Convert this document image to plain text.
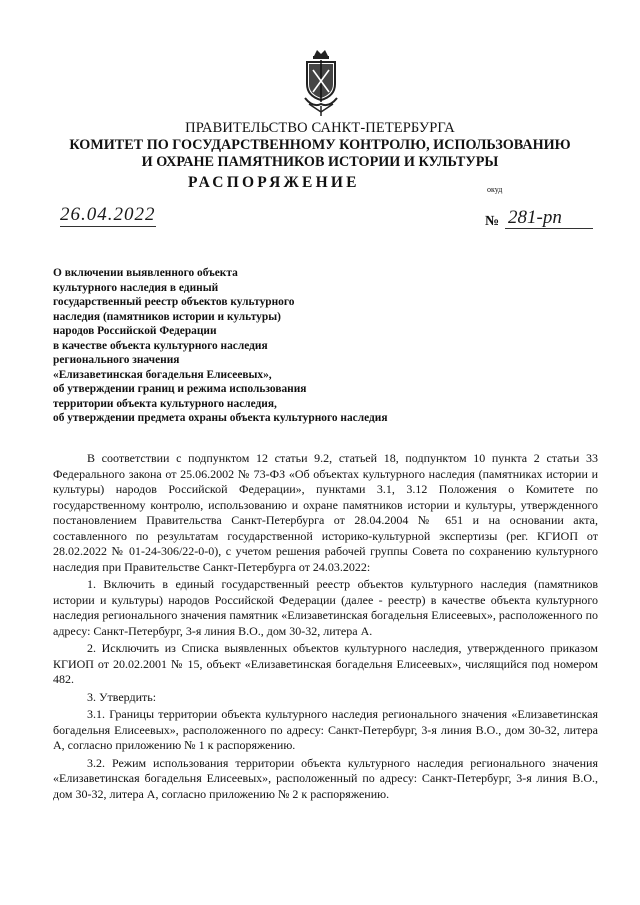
ПРАВИТЕЛЬСТВО САНКТ-ПЕТЕРБУРГА
КОМИТЕТ ПО ГОСУДАРСТВЕННОМУ КОНТРОЛЮ, ИСПОЛЬЗОВАНИЮ
И ОХРАНЕ ПАМЯТНИКОВ ИСТОРИИ И КУЛЬТУРЫ
РАСПОРЯЖЕНИЕ	окуд
26.04.2022	№ 281-рп
О включении выявленного объекта
культурного наследия в единый
государственный реестр объектов культурного
наследия (памятников истории и культуры)
народов Российской Федерации
в качестве объекта культурного наследия
регионального значения
«Елизаветинская богадельня Елисеевых»,
об утверждении границ и режима использования
территории объекта культурного наследия,
об утверждении предмета охраны объекта культурного наследия

В соответствии с подпунктом 12 статьи 9.2, статьей 18, подпунктом 10 пункта 2 статьи 33 Федерального закона от 25.06.2002 № 73-ФЗ «Об объектах культурного наследия (памятниках истории и культуры) народов Российской Федерации», пунктами 3.1, 3.12 Положения о Комитете по государственному контролю, использованию и охране памятников истории и культуры, утвержденного постановлением Правительства Санкт-Петербурга от 28.04.2004 № 651 и на основании акта, составленного по результатам государственной историко-культурной экспертизы (рег. КГИОП от 28.02.2022 № 01-24-306/22-0-0), с учетом решения рабочей группы Совета по сохранению культурного наследия при Правительстве Санкт-Петербурга от 24.03.2022:

1. Включить в единый государственный реестр объектов культурного наследия (памятников истории и культуры) народов Российской Федерации (далее - реестр) в качестве объекта культурного наследия регионального значения памятник «Елизаветинская богадельня Елисеевых», расположенного по адресу: Санкт-Петербург, 3-я линия В.О., дом 30-32, литера А.

2. Исключить из Списка выявленных объектов культурного наследия, утвержденного приказом КГИОП от 20.02.2001 № 15, объект «Елизаветинская богадельня Елисеевых», числящийся под номером 482.

3. Утвердить:

3.1. Границы территории объекта культурного наследия регионального значения «Елизаветинская богадельня Елисеевых», расположенного по адресу: Санкт-Петербург, 3-я линия В.О., дом 30-32, литера А, согласно приложению № 1 к распоряжению.

3.2. Режим использования территории объекта культурного наследия регионального значения «Елизаветинская богадельня Елисеевых», расположенный по адресу: Санкт-Петербург, 3-я линия В.О., дом 30-32, литера А, согласно приложению № 2 к распоряжению.
